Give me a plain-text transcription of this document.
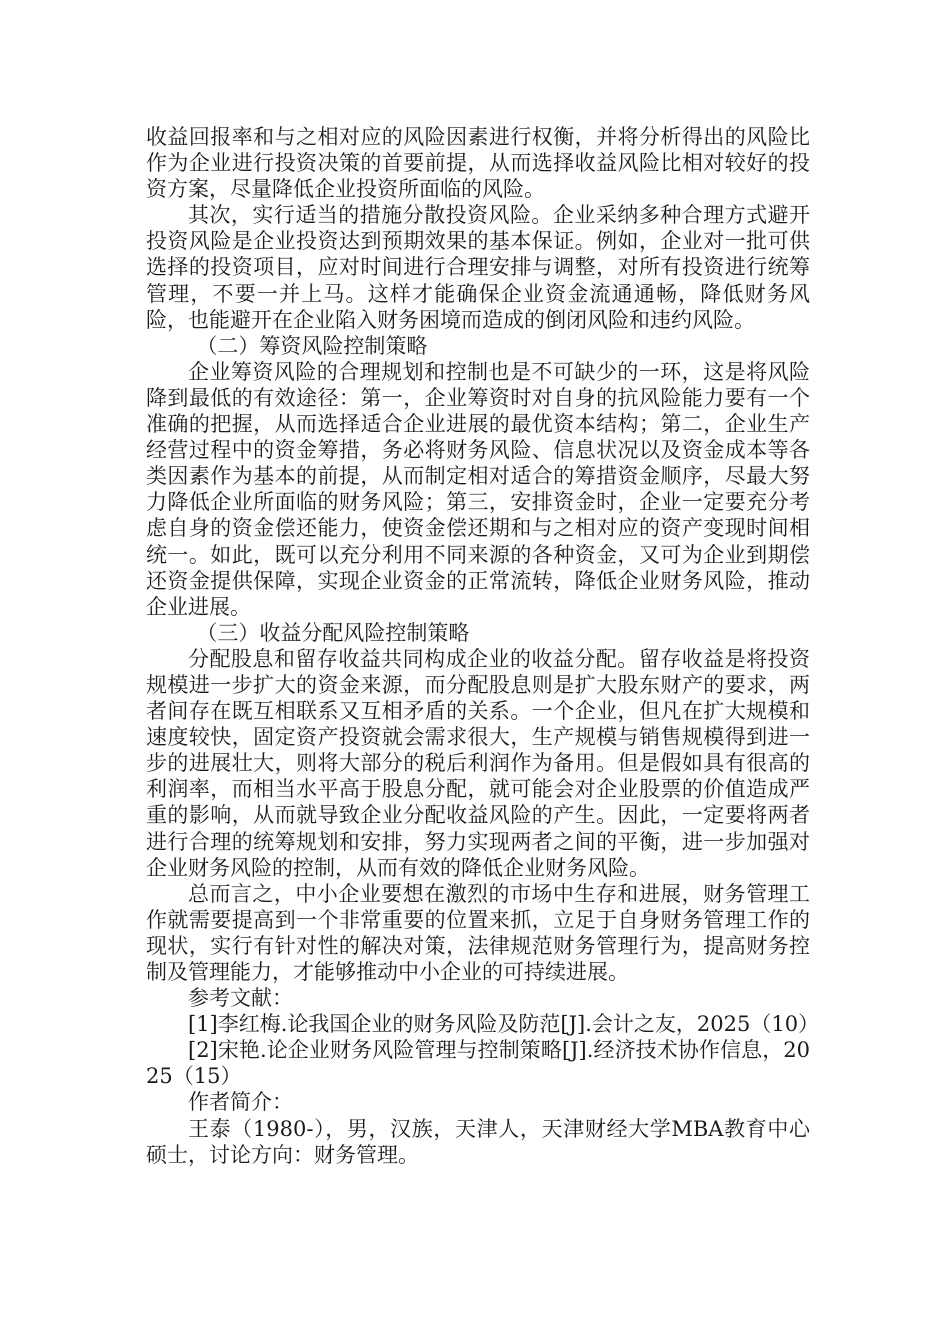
收益回报率和与之相对应的风险因素进行权衡，并将分析得出的风险比作为企业进行投资决策的首要前提，从而选择收益风险比相对较好的投资方案，尽量降低企业投资所面临的风险。

其次，实行适当的措施分散投资风险。企业采纳多种合理方式避开投资风险是企业投资达到预期效果的基本保证。例如，企业对一批可供选择的投资项目，应对时间进行合理安排与调整，对所有投资进行统筹管理，不要一并上马。这样才能确保企业资金流通通畅，降低财务风险，也能避开在企业陷入财务困境而造成的倒闭风险和违约风险。

（二）筹资风险控制策略

企业筹资风险的合理规划和控制也是不可缺少的一环，这是将风险降到最低的有效途径：第一，企业筹资时对自身的抗风险能力要有一个准确的把握，从而选择适合企业进展的最优资本结构；第二，企业生产经营过程中的资金筹措，务必将财务风险、信息状况以及资金成本等各类因素作为基本的前提，从而制定相对适合的筹措资金顺序，尽最大努力降低企业所面临的财务风险；第三，安排资金时，企业一定要充分考虑自身的资金偿还能力，使资金偿还期和与之相对应的资产变现时间相统一。如此，既可以充分利用不同来源的各种资金，又可为企业到期偿还资金提供保障，实现企业资金的正常流转，降低企业财务风险，推动企业进展。

（三）收益分配风险控制策略

分配股息和留存收益共同构成企业的收益分配。留存收益是将投资规模进一步扩大的资金来源，而分配股息则是扩大股东财产的要求，两者间存在既互相联系又互相矛盾的关系。一个企业，但凡在扩大规模和速度较快，固定资产投资就会需求很大，生产规模与销售规模得到进一步的进展壮大，则将大部分的税后利润作为备用。但是假如具有很高的利润率，而相当水平高于股息分配，就可能会对企业股票的价值造成严重的影响，从而就导致企业分配收益风险的产生。因此，一定要将两者进行合理的统筹规划和安排，努力实现两者之间的平衡，进一步加强对企业财务风险的控制，从而有效的降低企业财务风险。

总而言之，中小企业要想在激烈的市场中生存和进展，财务管理工作就需要提高到一个非常重要的位置来抓，立足于自身财务管理工作的现状，实行有针对性的解决对策，法律规范财务管理行为，提高财务控制及管理能力，才能够推动中小企业的可持续进展。

参考文献：

[1]李红梅.论我国企业的财务风险及防范[J].会计之友，2025（10）

[2]宋艳.论企业财务风险管理与控制策略[J].经济技术协作信息，2025（15）

作者简介：

王泰（1980-），男，汉族，天津人，天津财经大学MBA教育中心硕士，讨论方向：财务管理。
